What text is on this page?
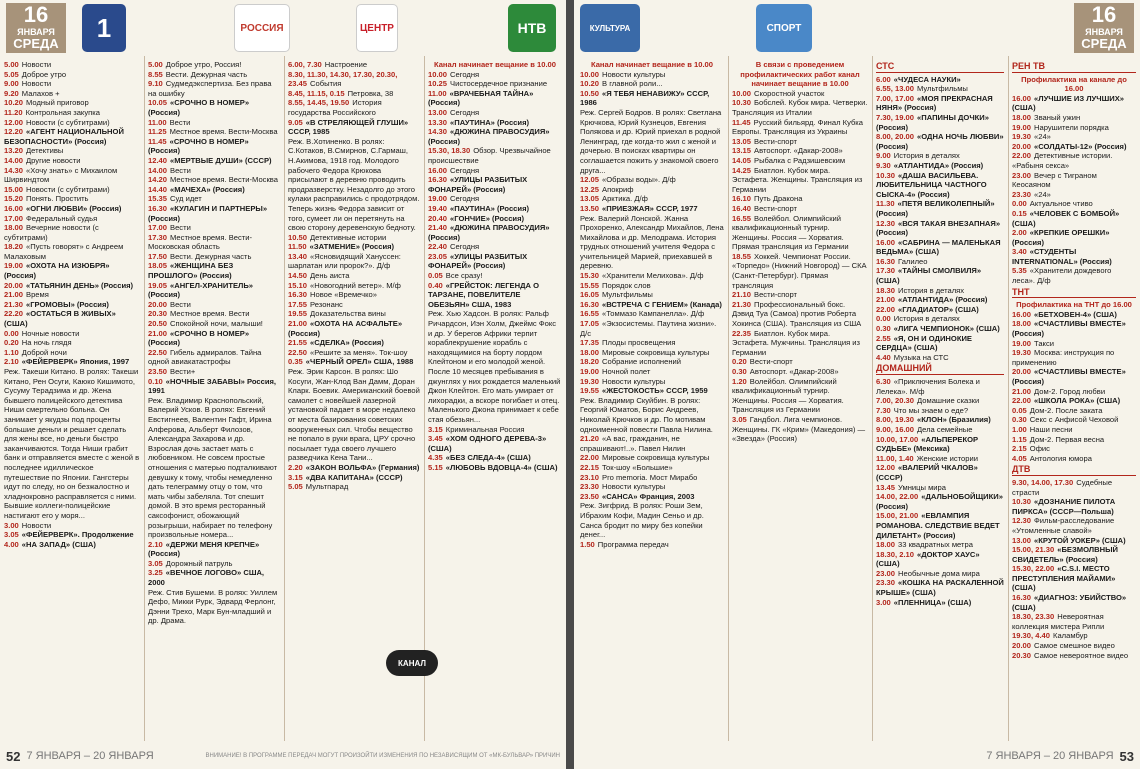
16
ЯНВАРЯ
СРЕДА
1	РОССИЯ	ЦЕНТР	НТВ
5.00 Новости
5.05 Доброе утро
9.00 Новости
9.20 Малахов +
10.20 Модный приговор
11.20 Контрольная закупка
12.00 Новости (с субтитрами)
12.20 «АГЕНТ НАЦИОНАЛЬНОЙ БЕЗОПАСНОСТИ» (Россия)
13.20 Детективы
14.00 Другие новости
14.30 «Хочу знать» с Михаилом Ширвиндтом
15.00 Новости (с субтитрами)
15.20 Понять. Простить
16.00 «ОГНИ ЛЮБВИ» (Россия)
17.00 Федеральный судья
18.00 Вечерние новости (с субтитрами)
18.20 «Пусть говорят» с Андреем Малаховым
19.00 «ОХОТА НА ИЗЮБРЯ» (Россия)
20.00 «ТАТЬЯНИН ДЕНЬ» (Россия)
21.00 Время
21.30 «ГРОМОВЫ» (Россия)
22.20 «ОСТАТЬСЯ В ЖИВЫХ» (США)
0.00 Ночные новости
0.20 На ночь глядя
1.10 Доброй ночи
2.10 «ФЕЙЕРВЕРК» Япония, 1997
Реж. Такеши Китано. В ролях: Такеши Китано, Рен Осуги, Каюко Кишимото, Сусуму Терадзима и др. Жена бывшего полицейского детектива Ниши смертельно больна. Он занимает у якудзы под проценты большие деньги и решает сделать для жены все, но деньги быстро заканчиваются. Тогда Ниши грабит банк и отправляется вместе с женой в последнее идиллическое путешествие по Японии. Гангстеры идут по следу, но он безжалостно и хладнокровно расправляется с ними. Бывшие коллеги-полицейские настигают его у моря...
3.00 Новости
3.05 «ФЕЙЕРВЕРК». Продолжение
4.00 «НА ЗАПАД» (США)
5.00 Доброе утро, Россия!
8.55 Вести. Дежурная часть
9.10 Судмедэкспертиза. Без права на ошибку
10.05 «СРОЧНО В НОМЕР» (Россия)
11.00 Вести
11.25 Местное время. Вести-Москва
11.45 «СРОЧНО В НОМЕР» (Россия)
12.40 «МЕРТВЫЕ ДУШИ» (СССР)
14.00 Вести
14.20 Местное время. Вести-Москва
14.40 «МАЧЕХА» (Россия)
15.35 Суд идет
16.30 «КУЛАГИН И ПАРТНЕРЫ» (Россия)
17.00 Вести
17.30 Местное время. Вести-Московская область
17.50 Вести. Дежурная часть
18.05 «ЖЕНЩИНА БЕЗ ПРОШЛОГО» (Россия)
19.05 «АНГЕЛ-ХРАНИТЕЛЬ» (Россия)
20.00 Вести
20.30 Местное время. Вести
20.50 Спокойной ночи, малыши!
21.00 «СРОЧНО В НОМЕР» (Россия)
22.50 Гибель адмиралов. Тайна одной авиакатастрофы
23.50 Вести+
0.10 «НОЧНЫЕ ЗАБАВЫ» Россия, 1991
Реж. Владимир Краснопольский, Валерий Усков. В ролях: Евгений Евстигнеев, Валентин Гафт, Ирина Алферова, Альберт Филозов, Александра Захарова и др. Взрослая дочь застает мать с любовником. Не совсем простые отношения с матерью подталкивают девушку к тому, чтобы немедленно дать телеграмму отцу о том, что мать чибы забеляла. Тот спешит домой. В это время ресторанный саксофонист, обожающий розыгрыши, набирает по телефону произвольные номера...
2.10 «ДЕРЖИ МЕНЯ КРЕПЧЕ» (Россия)
3.05 Дорожный патруль
3.25 «ВЕЧНОЕ ЛОГОВО» США, 2000
Реж. Стив Бушеми. В ролях: Уиллем Дефо, Микки Рурк, Эдвард Ферлонг, Дэнни Трехо, Марк Бун-младший и др. Драма.
6.00, 7.30 Настроение
8.30, 11.30, 14.30, 17.30, 20.30, 23.45 События
8.45, 11.15, 0.15 Петровка, 38
8.55, 14.45, 19.50 История государства Российского
9.05 «В СТРЕЛЯЮЩЕЙ ГЛУШИ» СССР, 1985
Реж. В.Хотиненко. В ролях: С.Котаков, В.Смирнов, С.Гармаш, Н.Акимова, 1918 год. Молодого рабочего Федора Крюкова присылают в деревню проводить продразверстку. Незадолго до этого кулаки расправились с продотрядом. Теперь жизнь Федора зависит от того, сумеет ли он перетянуть на свою сторону деревенскую бедноту.
10.50 Детективные истории
11.50 «ЗАТМЕНИЕ» (Россия)
13.40 «Ясновидящий Хануссен: шарлатан или пророк?». Д/ф
14.50 День аиста
15.10 «Новогодний ветер». М/ф
16.30 Новое «Времечко»
17.55 Резонанс
19.55 Доказательства вины
21.00 «ОХОТА НА АСФАЛЬТЕ» (Россия)
21.55 «СДЕЛКА» (Россия)
22.50 «Решите за меня». Ток-шоу
0.35 «ЧЕРНЫЙ ОРЕЛ» США, 1988
Реж. Эрик Карсон. В ролях: Шо Косуги, Жан-Клод Ван Дамм, Доран Кларк. Боевик. Американский боевой самолет с новейшей лазерной установкой падает в море недалеко от места базирования советских вооруженных сил. Чтобы вещество не попало в руки врага, ЦРУ срочно посылает туда своего лучшего разведчика Кена Тани...
2.20 «ЗАКОН ВОЛЬФА» (Германия)
3.15 «ДВА КАПИТАНА» (СССР)
5.05 Мультпарад
Канал начинает вещание в 10.00
10.00 Сегодня
10.25 Чистосердечное признание
11.00 «ВРАЧЕБНАЯ ТАЙНА» (Россия)
13.00 Сегодня
13.30 «ПАУТИНА» (Россия)
14.30 «ДЮЖИНА ПРАВОСУДИЯ» (Россия)
15.30, 18.30 Обзор. Чрезвычайное происшествие
16.00 Сегодня
16.30 «УЛИЦЫ РАЗБИТЫХ ФОНАРЕЙ» (Россия)
19.00 Сегодня
19.40 «ПАУТИНА» (Россия)
20.40 «ГОНЧИЕ» (Россия)
21.40 «ДЮЖИНА ПРАВОСУДИЯ» (Россия)
22.40 Сегодня
23.05 «УЛИЦЫ РАЗБИТЫХ ФОНАРЕЙ» (Россия)
0.05 Все сразу!
0.40 «ГРЕЙСТОК: ЛЕГЕНДА О ТАРЗАНЕ, ПОВЕЛИТЕЛЕ ОБЕЗЬЯН» США, 1983
Реж. Хью Хадсон. В ролях: Ральф Ричардсон, Иэн Холм, Джеймс Фокс и др. У берегов Африки терпит кораблекрушение корабль с находящимися на борту лордом Клейтоном и его молодой женой. После 10 месяцев пребывания в джунглях у них рождается маленький Джон Клейтон. Его мать умирает от лихорадки, а вскоре погибает и отец. Маленького Джона принимает к себе стая обезьян...
3.15 Криминальная Россия
3.45 «ХОМ ОДНОГО ДЕРЕВА-3» (США)
4.35 «БЕЗ СЛЕДА-4» (США)
5.15 «ЛЮБОВЬ ВДОВЦА-4» (США)
КАНАЛ
52 7 ЯНВАРЯ – 20 ЯНВАРЯ	ВНИМАНИЕ! В ПРОГРАММЕ ПЕРЕДАЧ МОГУТ ПРОИЗОЙТИ ИЗМЕНЕНИЯ ПО НЕЗАВИСЯЩИМ ОТ «МК-БУЛЬВАР» ПРИЧИН
КУЛЬТУРА	СПОРТ
16
ЯНВАРЯ
СРЕДА
Канал начинает вещание в 10.00
10.00 Новости культуры
10.20 В главной роли...
10.50 «Я ТЕБЯ НЕНАВИЖУ» СССР, 1986
Реж. Сергей Бодров. В ролях: Светлана Крючкова, Юрий Кузнецов, Евгения Полякова и др. Юрий приехал в родной Ленинград, где когда-то жил с женой и дочерью. В поисках квартиры он соглашается пожить у знакомой своего друга...
12.05 «Образы воды». Д/ф
12.25 Апокриф
13.05 Арктика. Д/ф
13.50 «ПРИЕЗЖАЯ» СССР, 1977
Реж. Валерий Лонской. Жанна Прохоренко, Александр Михайлов, Лена Михайлова и др. Мелодрама. История трудных отношений учителя Федора с учительницей Марией, приехавшей в деревню.
15.30 «Хранители Мелихова». Д/ф
15.55 Порядок слов
16.05 Мультфильмы
16.30 «ВСТРЕЧА С ГЕНИЕМ» (Канада)
16.55 «Томмазо Кампанелла». Д/ф
17.05 «Экзосистемы. Паутина жизни». Д/с
17.35 Плоды просвещения
18.00 Мировые сокровища культуры
18.20 Собрание исполнений
19.00 Ночной полет
19.30 Новости культуры
19.55 «ЖЕСТОКОСТЬ» СССР, 1959
Реж. Владимир Скуйбин. В ролях: Георгий Юматов, Борис Андреев, Николай Крючков и др. По мотивам одноименной повести Павла Нилина.
21.20 «А вас, гражданин, не спрашивают!..». Павел Нилин
22.00 Мировые сокровища культуры
22.15 Ток-шоу «Большие»
23.10 Pro memoria. Мост Мирабо
23.30 Новости культуры
23.50 «САНСА» Франция, 2003
Реж. Зигфрид. В ролях: Роши Зем, Ибрахим Кофи, Мадин Сеньо и др. Санса бродит по миру без копейки денег...
1.50 Программа передач
В связи с проведением профилактических работ канал начинает вещание в 10.00
10.00 Скоростной участок
10.30 Бобслей. Кубок мира. Четверки. Трансляция из Италии
11.45 Русский бильярд. Финал Кубка Европы. Трансляция из Украины
13.05 Вести-спорт
13.15 Автоспорт. «Дакар-2008»
14.05 Рыбалка с Радзишевским
14.25 Биатлон. Кубок мира. Эстафета. Женщины. Трансляция из Германии
16.10 Путь Дракона
16.40 Вести-спорт
16.55 Волейбол. Олимпийский квалификационный турнир. Женщины. Россия — Хорватия. Прямая трансляция из Германии
18.55 Хоккей. Чемпионат России. «Торпедо» (Нижний Новгород) — СКА (Санкт-Петербург). Прямая трансляция
21.10 Вести-спорт
21.30 Профессиональный бокс. Дэвид Туа (Самоа) против Роберта Хокинса (США). Трансляция из США
22.35 Биатлон. Кубок мира. Эстафета. Мужчины. Трансляция из Германии
0.20 Вести-спорт
0.30 Автоспорт. «Дакар-2008»
1.20 Волейбол. Олимпийский квалификационный турнир. Женщины. Россия — Хорватия. Трансляция из Германии
3.05 Гандбол. Лига чемпионов. Женщины. ГК «Крим» (Македония) — «Звезда» (Россия)
СТС
6.00 «ЧУДЕСА НАУКИ»
6.55, 13.00 Мультфильмы
7.00, 17.00 «МОЯ ПРЕКРАСНАЯ НЯНЯ» (Россия)
7.30, 19.00 «ПАПИНЫ ДОЧКИ» (Россия)
8.00, 20.00 «ОДНА НОЧЬ ЛЮБВИ» (Россия)
9.00 История в деталях
9.30 «АТЛАНТИДА» (Россия)
10.30 «ДАША ВАСИЛЬЕВА. ЛЮБИТЕЛЬНИЦА ЧАСТНОГО СЫСКА-4» (Россия)
11.30 «ПЕТЯ ВЕЛИКОЛЕПНЫЙ» (Россия)
12.30 «ВСЯ ТАКАЯ ВНЕЗАПНАЯ» (Россия)
16.00 «САБРИНА — МАЛЕНЬКАЯ ВЕДЬМА» (США)
16.30 Галилео
17.30 «ТАЙНЫ СМОЛВИЛЯ» (США)
18.30 История в деталях
21.00 «АТЛАНТИДА» (Россия)
22.00 «ГЛАДИАТОР» (США)
0.00 История в деталях
0.30 «ЛИГА ЧЕМПИОНОК» (США)
2.55 «Я, ОН И ОДИНОКИЕ СЕРДЦА» (США)
4.40 Музыка на СТС
ДОМАШНИЙ
6.30 «Приключения Болека и Лелека». М/ф
7.00, 20.30 Домашние сказки
7.30 Что мы знаем о еде?
8.00, 19.30 «КЛОН» (Бразилия)
9.00, 16.00 Дела семейные
10.00, 17.00 «АЛЬПЕРЕКОР СУДЬБЕ» (Мексика)
11.00, 1.40 Женские истории
12.00 «ВАЛЕРИЙ ЧКАЛОВ» (СССР)
13.45 Умницы мира
14.00, 22.00 «ДАЛЬНОБОЙЩИКИ» (Россия)
15.00, 21.00 «ЕВЛАМПИЯ РОМАНОВА. СЛЕДСТВИЕ ВЕДЕТ ДИЛЕТАНТ» (Россия)
18.00 33 квадратных метра
18.30, 2.10 «ДОКТОР ХАУС» (США)
23.00 Необычные дома мира
23.30 «КОШКА НА РАСКАЛЕННОЙ КРЫШЕ» (США)
3.00 «ПЛЕННИЦА» (США)
РЕН ТВ
Профилактика на канале до 16.00
16.00 «ЛУЧШИЕ ИЗ ЛУЧШИХ» (США)
18.00 Званый ужин
19.00 Нарушители порядка
19.30 «24»
20.00 «СОЛДАТЫ-12» (Россия)
22.00 Детективные истории. «Рабыня секса»
23.00 Вечер с Тиграном Кеосаяном
23.30 «24»
0.00 Актуальное чтиво
0.15 «ЧЕЛОВЕК С БОМБОЙ» (США)
2.00 «КРЕПКИЕ ОРЕШКИ» (Россия)
3.40 «СТУДЕНТЫ INTERNATIONAL» (Россия)
5.35 «Хранители дождевого леса». Д/ф
ТНТ
Профилактика на ТНТ до 16.00
16.00 «БЕТХОВЕН-4» (США)
18.00 «СЧАСТЛИВЫ ВМЕСТЕ» (Россия)
19.00 Такси
19.30 Москва: инструкция по применению
20.00 «СЧАСТЛИВЫ ВМЕСТЕ» (Россия)
21.00 Дом-2. Город любви
22.00 «ШКОЛА РОКА» (США)
0.05 Дом-2. После заката
0.30 Секс с Анфисой Чеховой
1.00 Наши песни
1.15 Дом-2. Первая весна
2.15 Офис
4.05 Антология юмора
ДТВ
9.30, 14.00, 17.30 Судебные страсти
10.30 «ДОЗНАНИЕ ПИЛОТА ПИРКСА» (СССР—Польша)
12.30 Фильм-расследование «Утомленные славой»
13.00 «КРУТОЙ УОКЕР» (США)
15.00, 21.30 «БЕЗМОЛВНЫЙ СВИДЕТЕЛЬ» (Россия)
15.30, 22.00 «С.S.I. МЕСТО ПРЕСТУПЛЕНИЯ МАЙАМИ» (США)
16.30 «ДИАГНОЗ: УБИЙСТВО» (США)
18.30, 23.30 Невероятная коллекция мистера Рипли
19.30, 4.40 Каламбур
20.00 Самое смешное видео
20.30 Самое невероятное видео
7 ЯНВАРЯ – 20 ЯНВАРЯ 53
